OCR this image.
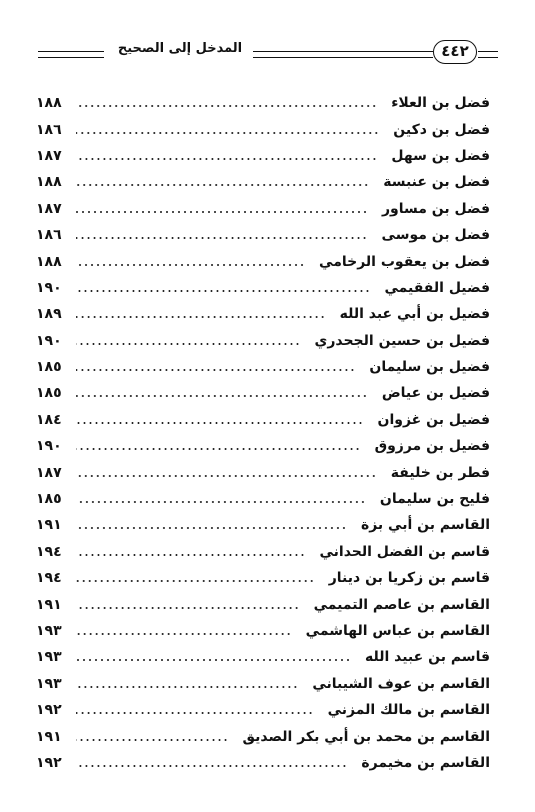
المدخل إلى الصحيح	٤٤٢
فضل بن العلاء
١٨٨
فضل بن دكين
١٨٦
فضل بن سهل
١٨٧
فضل بن عنبسة
١٨٨
فضل بن مساور
١٨٧
فضل بن موسى
١٨٦
فضل بن يعقوب الرخامي
١٨٨
فضيل الفقيمي
١٩٠
فضيل بن أبي عبد الله
١٨٩
فضيل بن حسين الجحدري
١٩٠
فضيل بن سليمان
١٨٥
فضيل بن عياض
١٨٥
فضيل بن غزوان
١٨٤
فضيل بن مرزوق
١٩٠
فطر بن خليفة
١٨٧
فليح بن سليمان
١٨٥
القاسم بن أبي بزة
١٩١
قاسم بن الفضل الحداني
١٩٤
قاسم بن زكريا بن دينار
١٩٤
القاسم بن عاصم التميمي
١٩١
القاسم بن عباس الهاشمي
١٩٣
قاسم بن عبيد الله
١٩٣
القاسم بن عوف الشيباني
١٩٣
القاسم بن مالك المزني
١٩٢
القاسم بن محمد بن أبي بكر الصديق
١٩١
القاسم بن مخيمرة
١٩٢
